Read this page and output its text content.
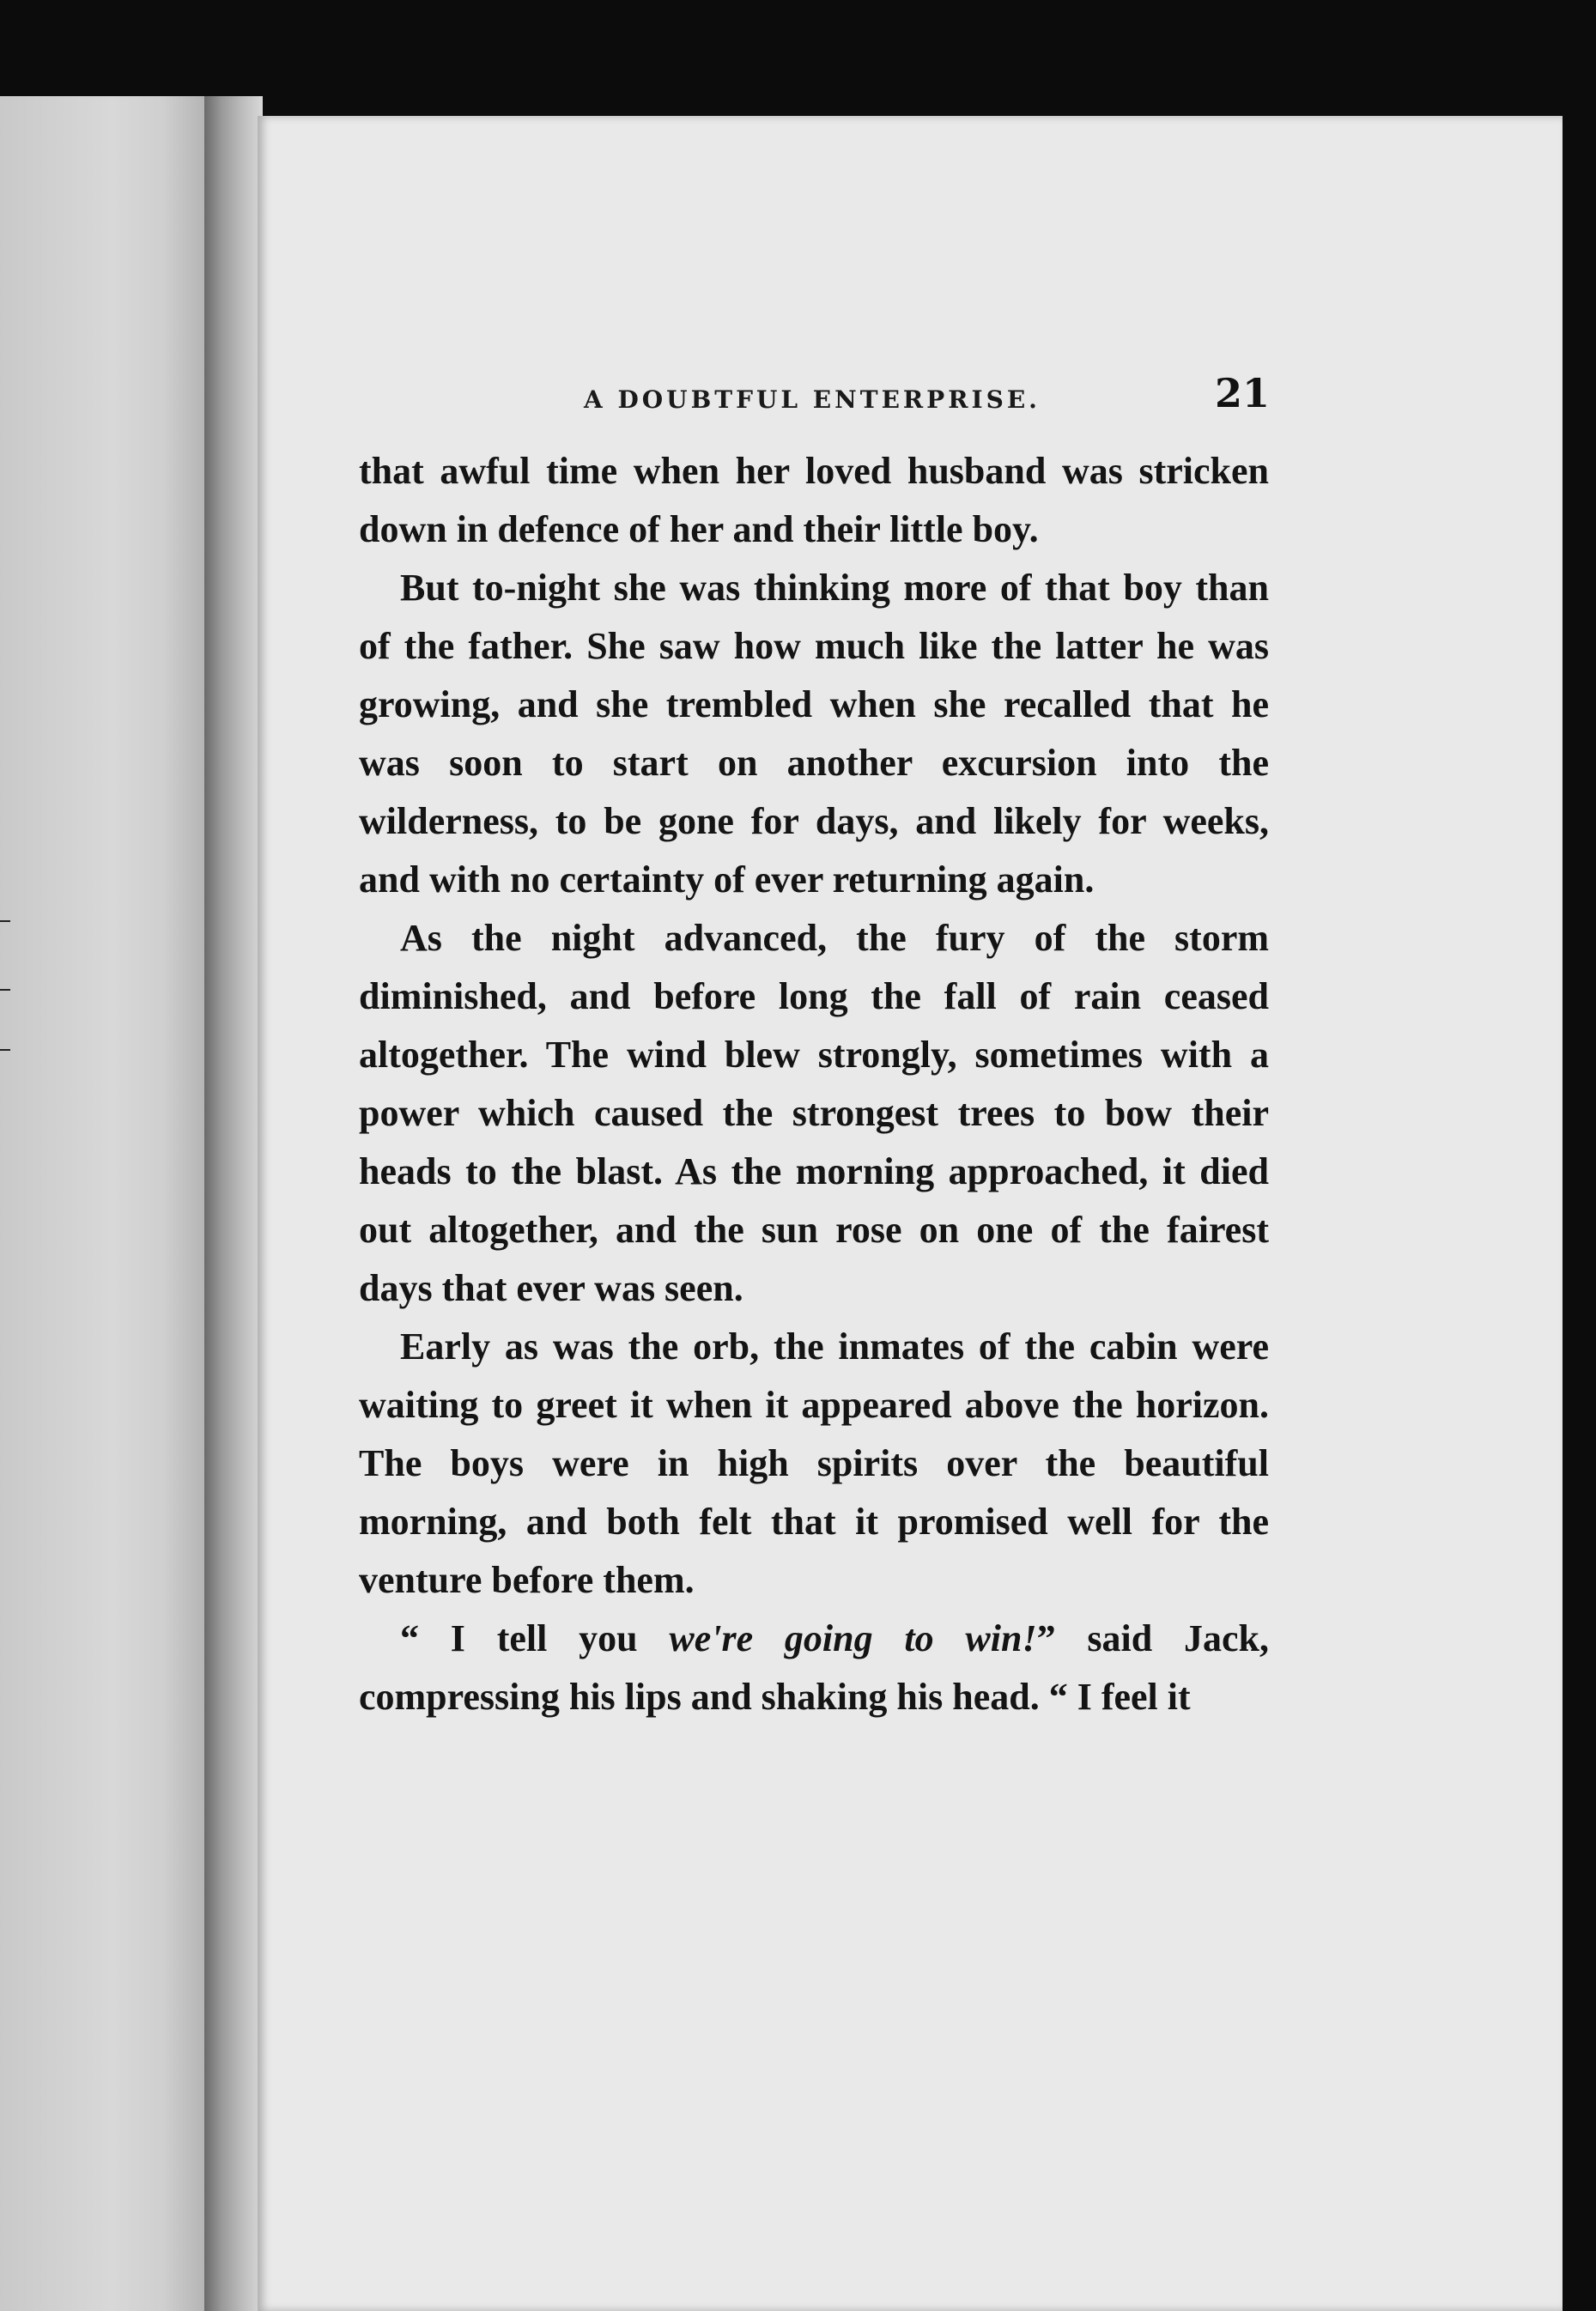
A DOUBTFUL ENTERPRISE.	21

that awful time when her loved husband was stricken down in defence of her and their little boy.

But to-night she was thinking more of that boy than of the father. She saw how much like the latter he was growing, and she trembled when she recalled that he was soon to start on another excursion into the wilderness, to be gone for days, and likely for weeks, and with no certainty of ever returning again.

As the night advanced, the fury of the storm diminished, and before long the fall of rain ceased altogether. The wind blew strongly, sometimes with a power which caused the strongest trees to bow their heads to the blast. As the morning approached, it died out altogether, and the sun rose on one of the fairest days that ever was seen.

Early as was the orb, the inmates of the cabin were waiting to greet it when it appeared above the horizon. The boys were in high spirits over the beautiful morning, and both felt that it promised well for the venture before them.

“ I tell you we're going to win!” said Jack, compressing his lips and shaking his head. “ I feel it
